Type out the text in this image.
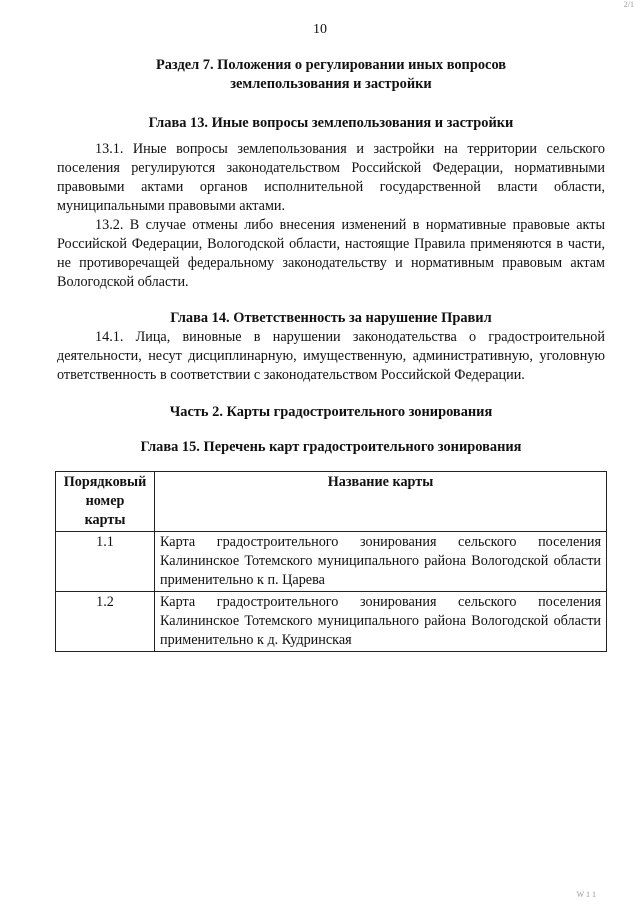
2/1
10
Раздел 7. Положения о регулировании иных вопросов
землепользования и застройки
Глава 13. Иные вопросы землепользования и застройки

13.1. Иные вопросы землепользования и застройки на территории сельского поселения регулируются законодательством Российской Федерации, нормативными правовыми актами органов исполнительной государственной власти области, муниципальными правовыми актами.

13.2. В случае отмены либо внесения изменений в нормативные правовые акты Российской Федерации, Вологодской области, настоящие Правила применяются в части, не противоречащей федеральному законодательству и нормативным правовым актам Вологодской области.

Глава 14. Ответственность за нарушение Правил

14.1. Лица, виновные в нарушении законодательства о градостроительной деятельности, несут дисциплинарную, имущественную, административную, уголовную ответственность в соответствии с законодательством Российской Федерации.

Часть 2. Карты градостроительного зонирования
Глава 15. Перечень карт градостроительного зонирования
Порядковый
номер
карты	Название карты
1.1	Карта градостроительного зонирования сельского поселения Калининское Тотемского муниципального района Вологодской области применительно к п. Царева
1.2	Карта градостроительного зонирования сельского поселения Калининское Тотемского муниципального района Вологодской области применительно к д. Кудринская
W 1 1
